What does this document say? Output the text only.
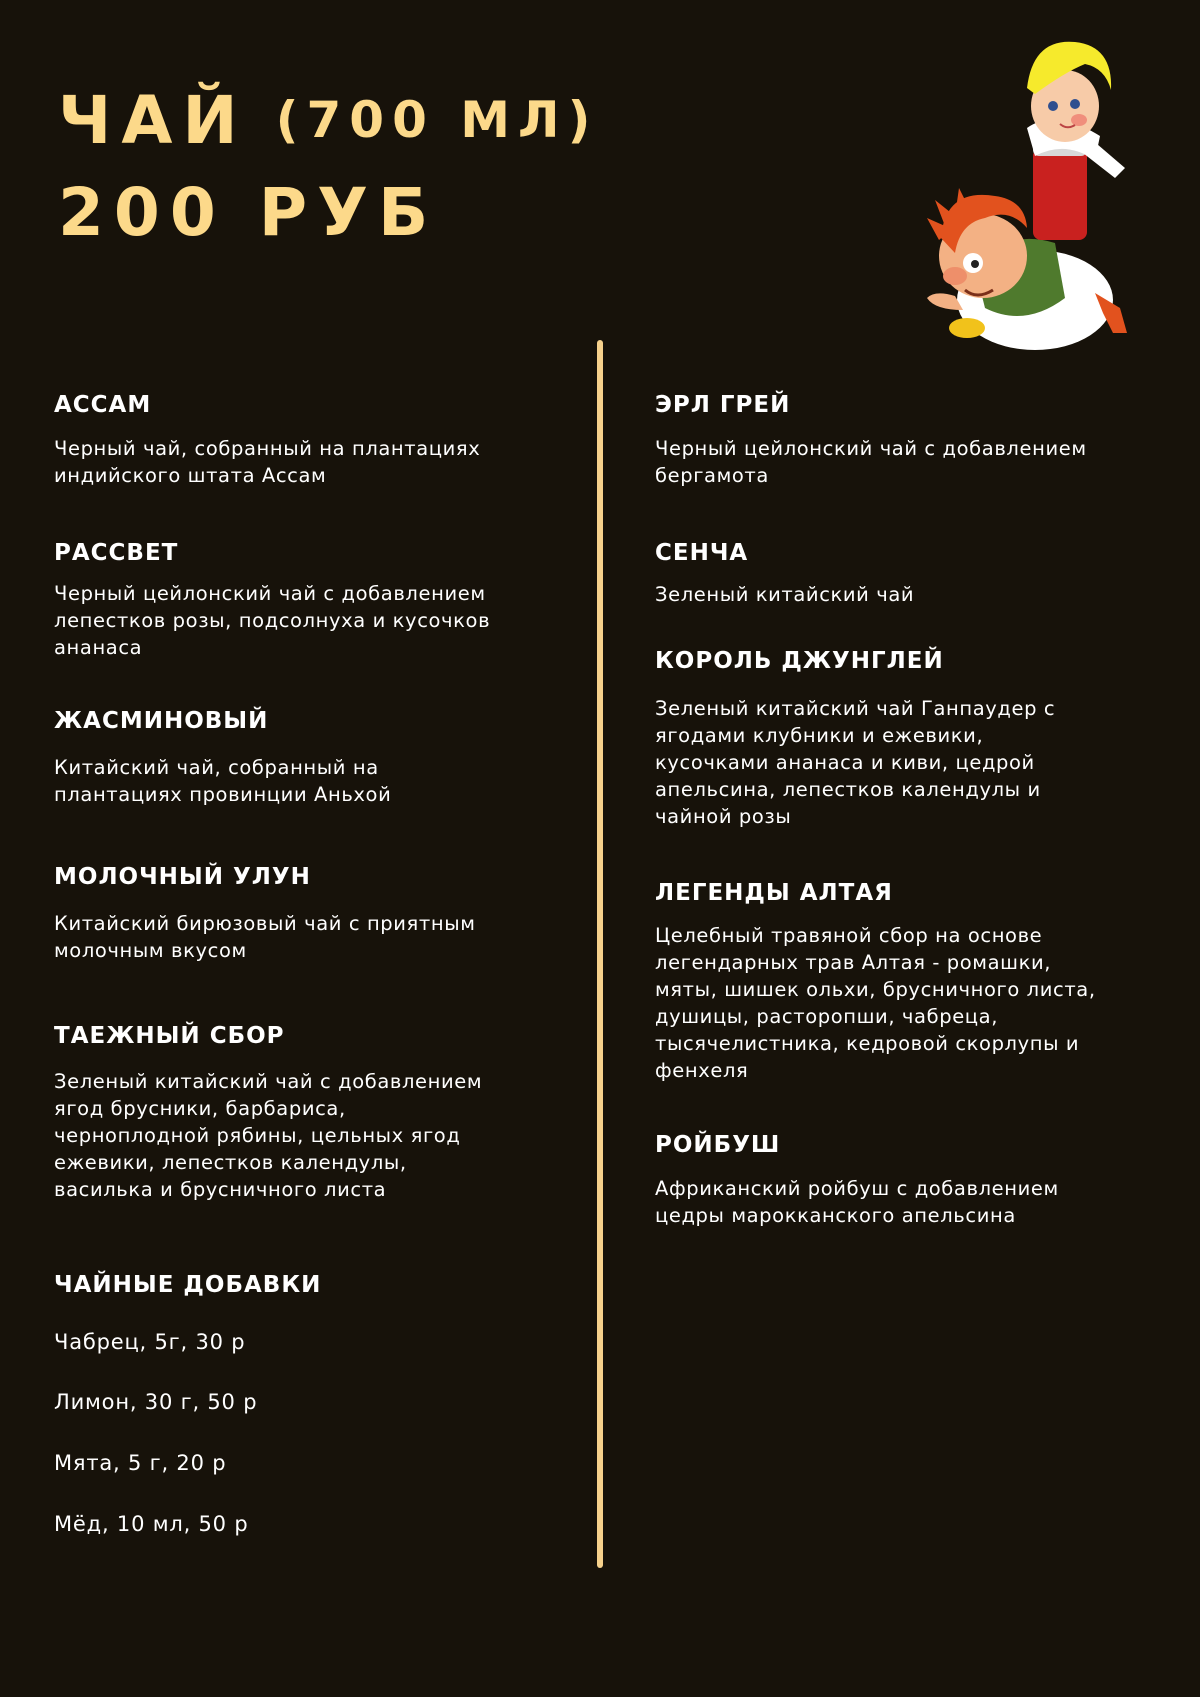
ЧАЙ (700 МЛ)
200 РУБ
АССАМ

Черный чай, собранный на плантациях
индийского штата Ассам

РАССВЕТ

Черный цейлонский чай с добавлением
лепестков розы, подсолнуха и кусочков
ананаса

ЖАСМИНОВЫЙ

Китайский чай, собранный на
плантациях провинции Аньхой

МОЛОЧНЫЙ УЛУН

Китайский бирюзовый чай с приятным
молочным вкусом

ТАЕЖНЫЙ СБОР

Зеленый китайский чай с добавлением
ягод брусники, барбариса,
черноплодной рябины, цельных ягод
ежевики, лепестков календулы,
василька и брусничного листа

ЧАЙНЫЕ ДОБАВКИ

Чабрец, 5г, 30 р

Лимон, 30 г, 50 р

Мята, 5 г, 20 р

Мёд, 10 мл, 50 р

ЭРЛ ГРЕЙ

Черный цейлонский чай с добавлением
бергамота

СЕНЧА

Зеленый китайский чай

КОРОЛЬ ДЖУНГЛЕЙ

Зеленый китайский чай Ганпаудер с
ягодами клубники и ежевики,
кусочками ананаса и киви, цедрой
апельсина, лепестков календулы и
чайной розы

ЛЕГЕНДЫ АЛТАЯ

Целебный травяной сбор на основе
легендарных трав Алтая - ромашки,
мяты, шишек ольхи, брусничного листа,
душицы, расторопши, чабреца,
тысячелистника, кедровой скорлупы и
фенхеля

РОЙБУШ

Африканский ройбуш с добавлением
цедры марокканского апельсина
